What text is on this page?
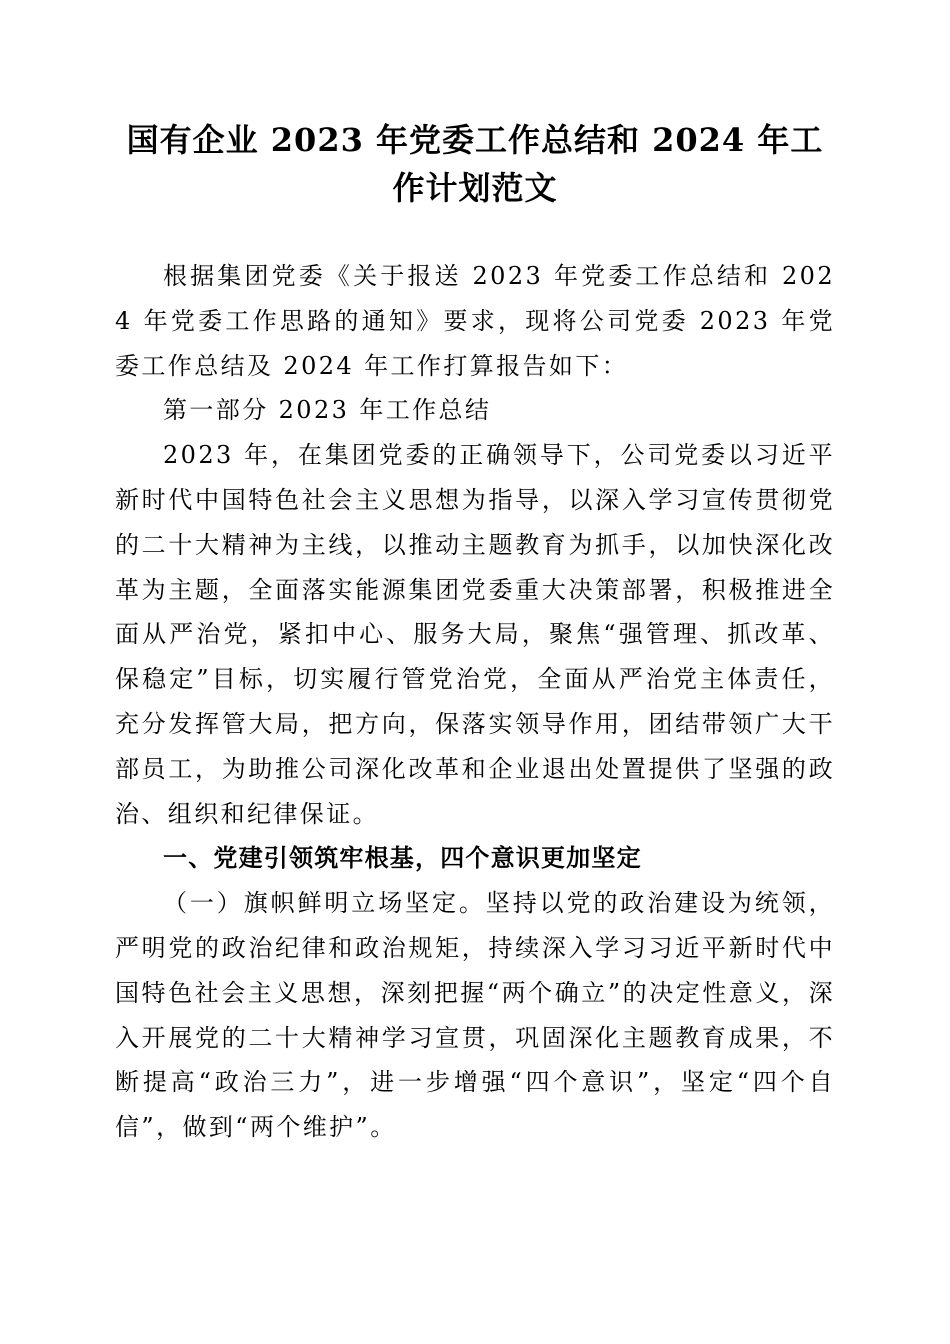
国有企业 2023 年党委工作总结和 2024 年工作计划范文

根据集团党委《关于报送 2023 年党委工作总结和 2024 年党委工作思路的通知》要求，现将公司党委 2023 年党委工作总结及 2024 年工作打算报告如下：

第一部分 2023 年工作总结

2023 年，在集团党委的正确领导下，公司党委以习近平新时代中国特色社会主义思想为指导，以深入学习宣传贯彻党的二十大精神为主线，以推动主题教育为抓手，以加快深化改革为主题，全面落实能源集团党委重大决策部署，积极推进全面从严治党，紧扣中心、服务大局，聚焦“强管理、抓改革、保稳定”目标，切实履行管党治党，全面从严治党主体责任，充分发挥管大局，把方向，保落实领导作用，团结带领广大干部员工，为助推公司深化改革和企业退出处置提供了坚强的政治、组织和纪律保证。

一、党建引领筑牢根基，四个意识更加坚定

（一）旗帜鲜明立场坚定。坚持以党的政治建设为统领，严明党的政治纪律和政治规矩，持续深入学习习近平新时代中国特色社会主义思想，深刻把握“两个确立”的决定性意义，深入开展党的二十大精神学习宣贯，巩固深化主题教育成果，不断提高“政治三力”，进一步增强“四个意识”，坚定“四个自信”，做到“两个维护”。
